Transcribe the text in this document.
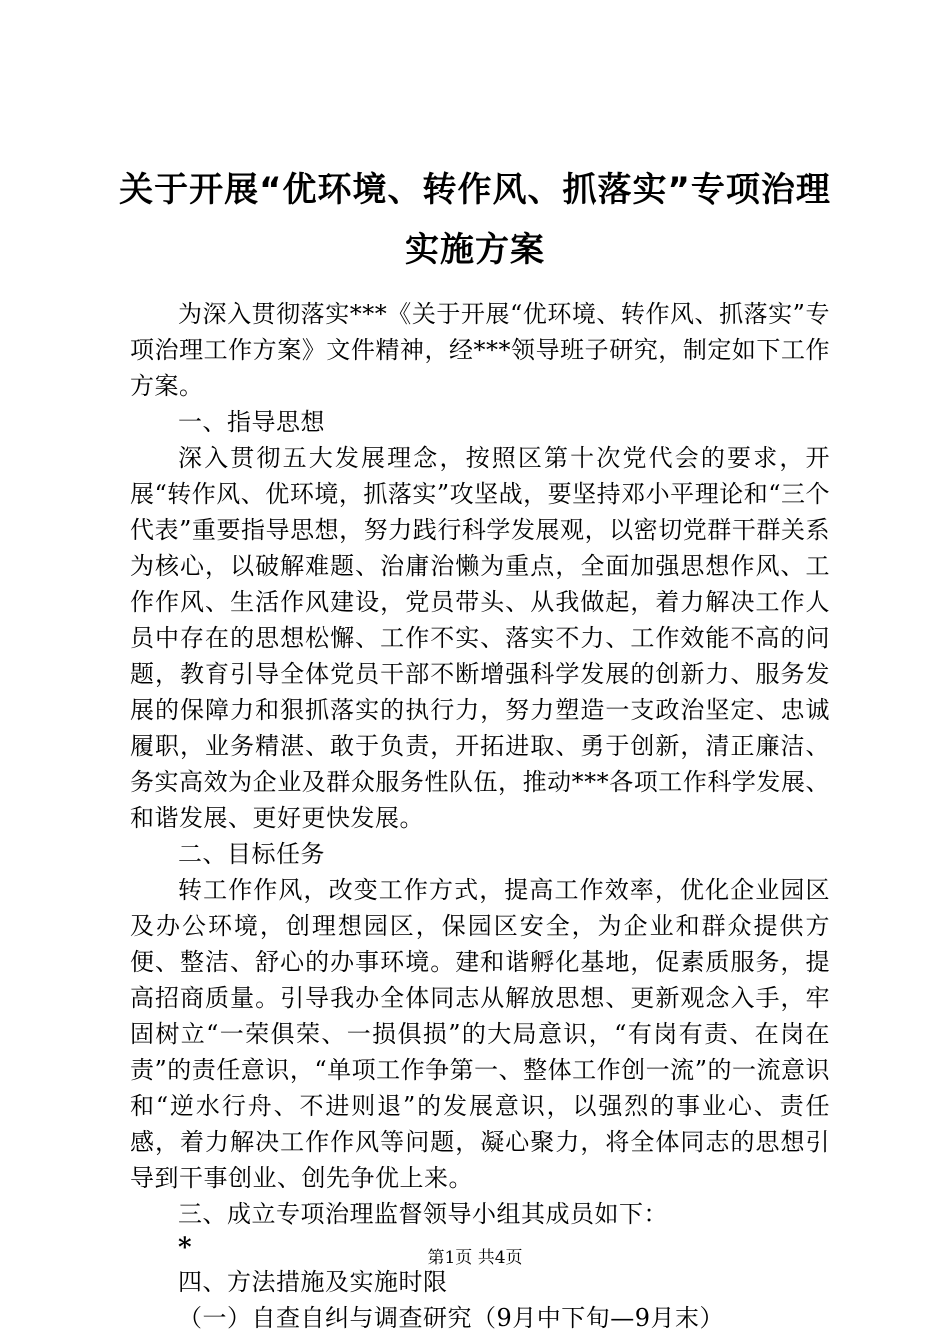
关于开展“优环境、转作风、抓落实”专项治理实施方案

为深入贯彻落实***《关于开展“优环境、转作风、抓落实”专项治理工作方案》文件精神，经***领导班子研究，制定如下工作方案。

一、指导思想

深入贯彻五大发展理念，按照区第十次党代会的要求，开展“转作风、优环境，抓落实”攻坚战，要坚持邓小平理论和“三个代表”重要指导思想，努力践行科学发展观，以密切党群干群关系为核心，以破解难题、治庸治懒为重点，全面加强思想作风、工作作风、生活作风建设，党员带头、从我做起，着力解决工作人员中存在的思想松懈、工作不实、落实不力、工作效能不高的问题，教育引导全体党员干部不断增强科学发展的创新力、服务发展的保障力和狠抓落实的执行力，努力塑造一支政治坚定、忠诚履职，业务精湛、敢于负责，开拓进取、勇于创新，清正廉洁、务实高效为企业及群众服务性队伍，推动***各项工作科学发展、和谐发展、更好更快发展。

二、目标任务

转工作作风，改变工作方式，提高工作效率，优化企业园区及办公环境，创理想园区，保园区安全，为企业和群众提供方便、整洁、舒心的办事环境。建和谐孵化基地，促素质服务，提高招商质量。引导我办全体同志从解放思想、更新观念入手，牢固树立“一荣俱荣、一损俱损”的大局意识，“有岗有责、在岗在责”的责任意识，“单项工作争第一、整体工作创一流”的一流意识和“逆水行舟、不进则退”的发展意识，以强烈的事业心、责任感，着力解决工作作风等问题，凝心聚力，将全体同志的思想引导到干事创业、创先争优上来。

三、成立专项治理监督领导小组其成员如下：

*

四、方法措施及实施时限

（一）自查自纠与调查研究（9月中下旬—9月末）

第1页 共4页
